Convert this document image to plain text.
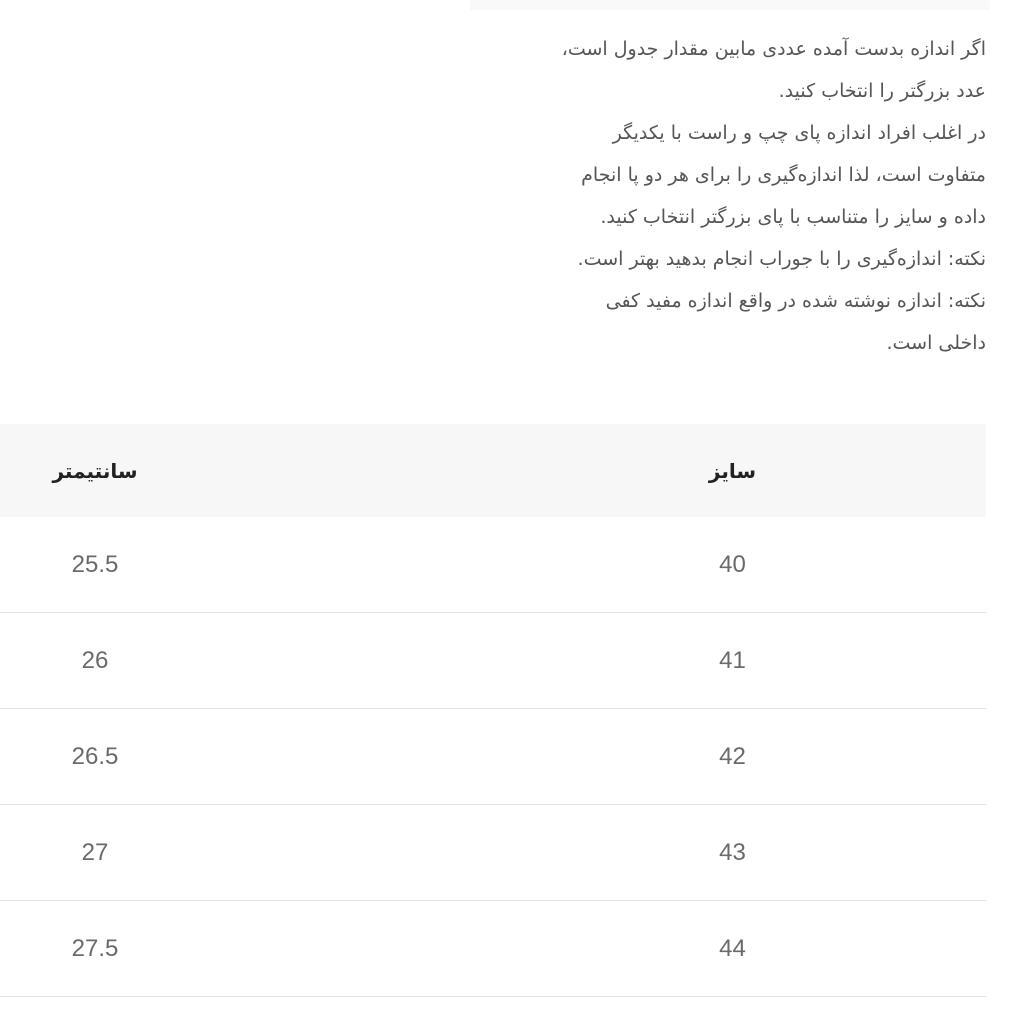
اگر اندازه بدست آمده عددی مابین مقدار جدول است،
عدد بزرگتر را انتخاب کنید.
در اغلب افراد اندازه پای چپ و راست با یکدیگر
متفاوت است، لذا اندازه‌گیری را برای هر دو پا انجام
داده و سایز را متناسب با پای بزرگتر انتخاب کنید.
نکته: اندازه‌گیری را با جوراب انجام بدهید بهتر است.
نکته: اندازه نوشته شده در واقع اندازه مفید کفی
داخلی است.
سایز	سانتیمتر
40	25.5
41	26
42	26.5
43	27
44	27.5
